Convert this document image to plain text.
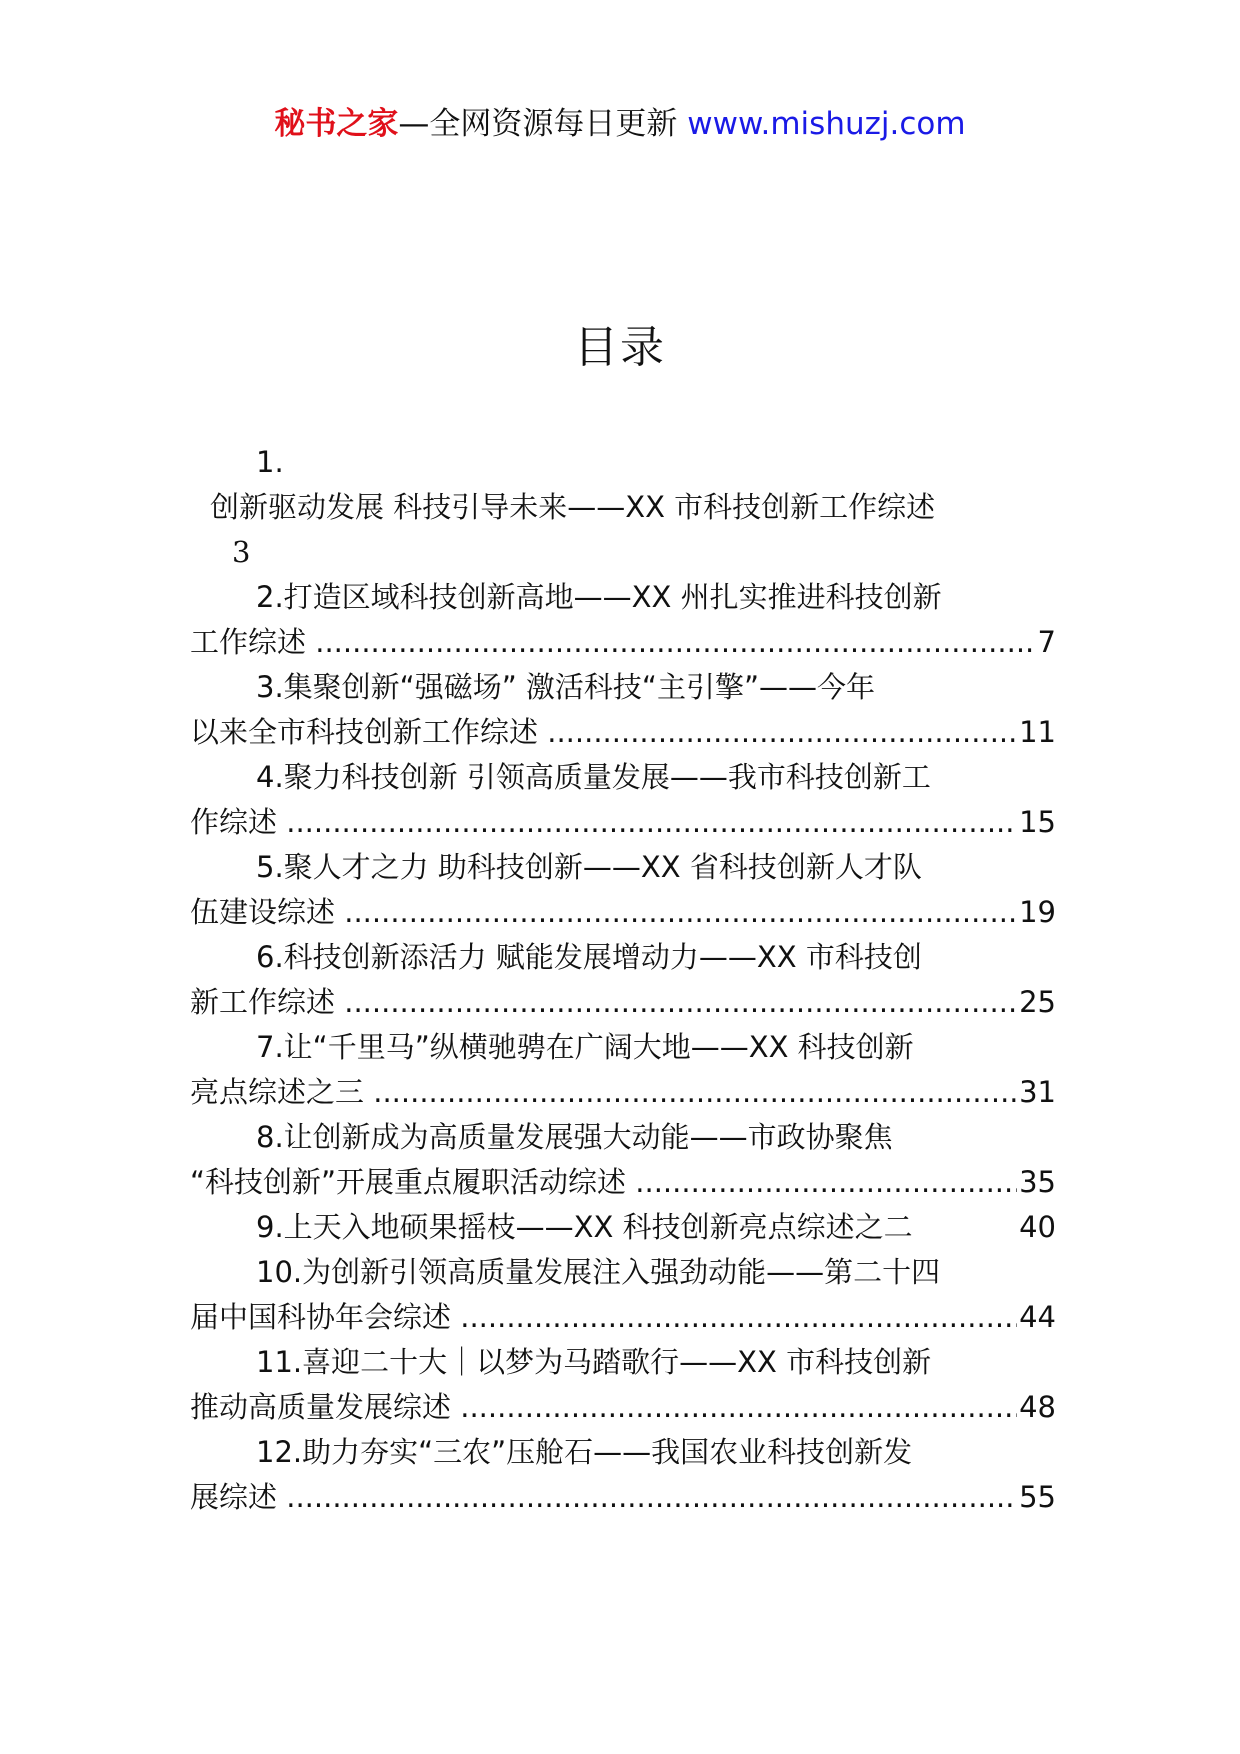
秘书之家—全网资源每日更新 www.mishuzj.com
目录
1.
创新驱动发展 科技引导未来——XX 市科技创新工作综述
3
2.打造区域科技创新高地——XX 州扎实推进科技创新
工作综述 .....	7
3.集聚创新“强磁场” 激活科技“主引擎”——今年
以来全市科技创新工作综述 .....	11
4.聚力科技创新 引领高质量发展——我市科技创新工
作综述 .....	15
5.聚人才之力 助科技创新——XX 省科技创新人才队
伍建设综述 .....	19
6.科技创新添活力 赋能发展增动力——XX 市科技创
新工作综述 .....	25
7.让“千里马”纵横驰骋在广阔大地——XX 科技创新
亮点综述之三 .....	31
8.让创新成为高质量发展强大动能——市政协聚焦
“科技创新”开展重点履职活动综述 .....	35
9.上天入地硕果摇枝——XX 科技创新亮点综述之二	40
10.为创新引领高质量发展注入强劲动能——第二十四
届中国科协年会综述 .....	44
11.喜迎二十大｜以梦为马踏歌行——XX 市科技创新
推动高质量发展综述 .....	48
12.助力夯实“三农”压舱石——我国农业科技创新发
展综述 .....	55
